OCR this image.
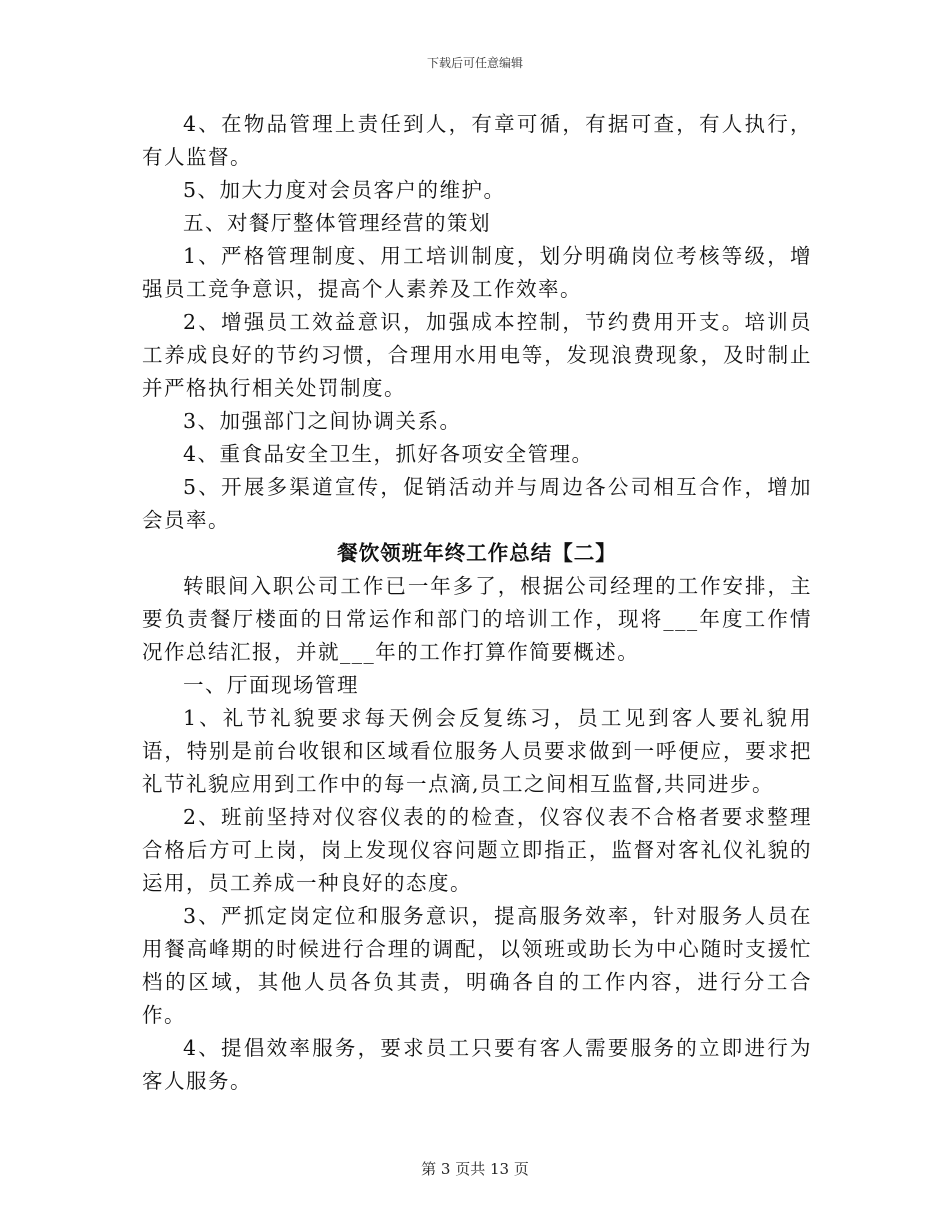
下载后可任意编辑

4、在物品管理上责任到人，有章可循，有据可查，有人执行，有人监督。

5、加大力度对会员客户的维护。

五、对餐厅整体管理经营的策划

1、严格管理制度、用工培训制度，划分明确岗位考核等级，增强员工竞争意识，提高个人素养及工作效率。

2、增强员工效益意识，加强成本控制，节约费用开支。培训员工养成良好的节约习惯，合理用水用电等，发现浪费现象，及时制止并严格执行相关处罚制度。

3、加强部门之间协调关系。

4、重食品安全卫生，抓好各项安全管理。

5、开展多渠道宣传，促销活动并与周边各公司相互合作，增加会员率。

餐饮领班年终工作总结【二】

转眼间入职公司工作已一年多了，根据公司经理的工作安排，主要负责餐厅楼面的日常运作和部门的培训工作，现将___年度工作情况作总结汇报，并就___年的工作打算作简要概述。

一、厅面现场管理

1、礼节礼貌要求每天例会反复练习，员工见到客人要礼貌用语，特别是前台收银和区域看位服务人员要求做到一呼便应，要求把礼节礼貌应用到工作中的每一点滴,员工之间相互监督,共同进步。

2、班前坚持对仪容仪表的的检查，仪容仪表不合格者要求整理合格后方可上岗，岗上发现仪容问题立即指正，监督对客礼仪礼貌的运用，员工养成一种良好的态度。

3、严抓定岗定位和服务意识，提高服务效率，针对服务人员在用餐高峰期的时候进行合理的调配，以领班或助长为中心随时支援忙档的区域，其他人员各负其责，明确各自的工作内容，进行分工合作。

4、提倡效率服务，要求员工只要有客人需要服务的立即进行为客人服务。

第 3 页共 13 页
